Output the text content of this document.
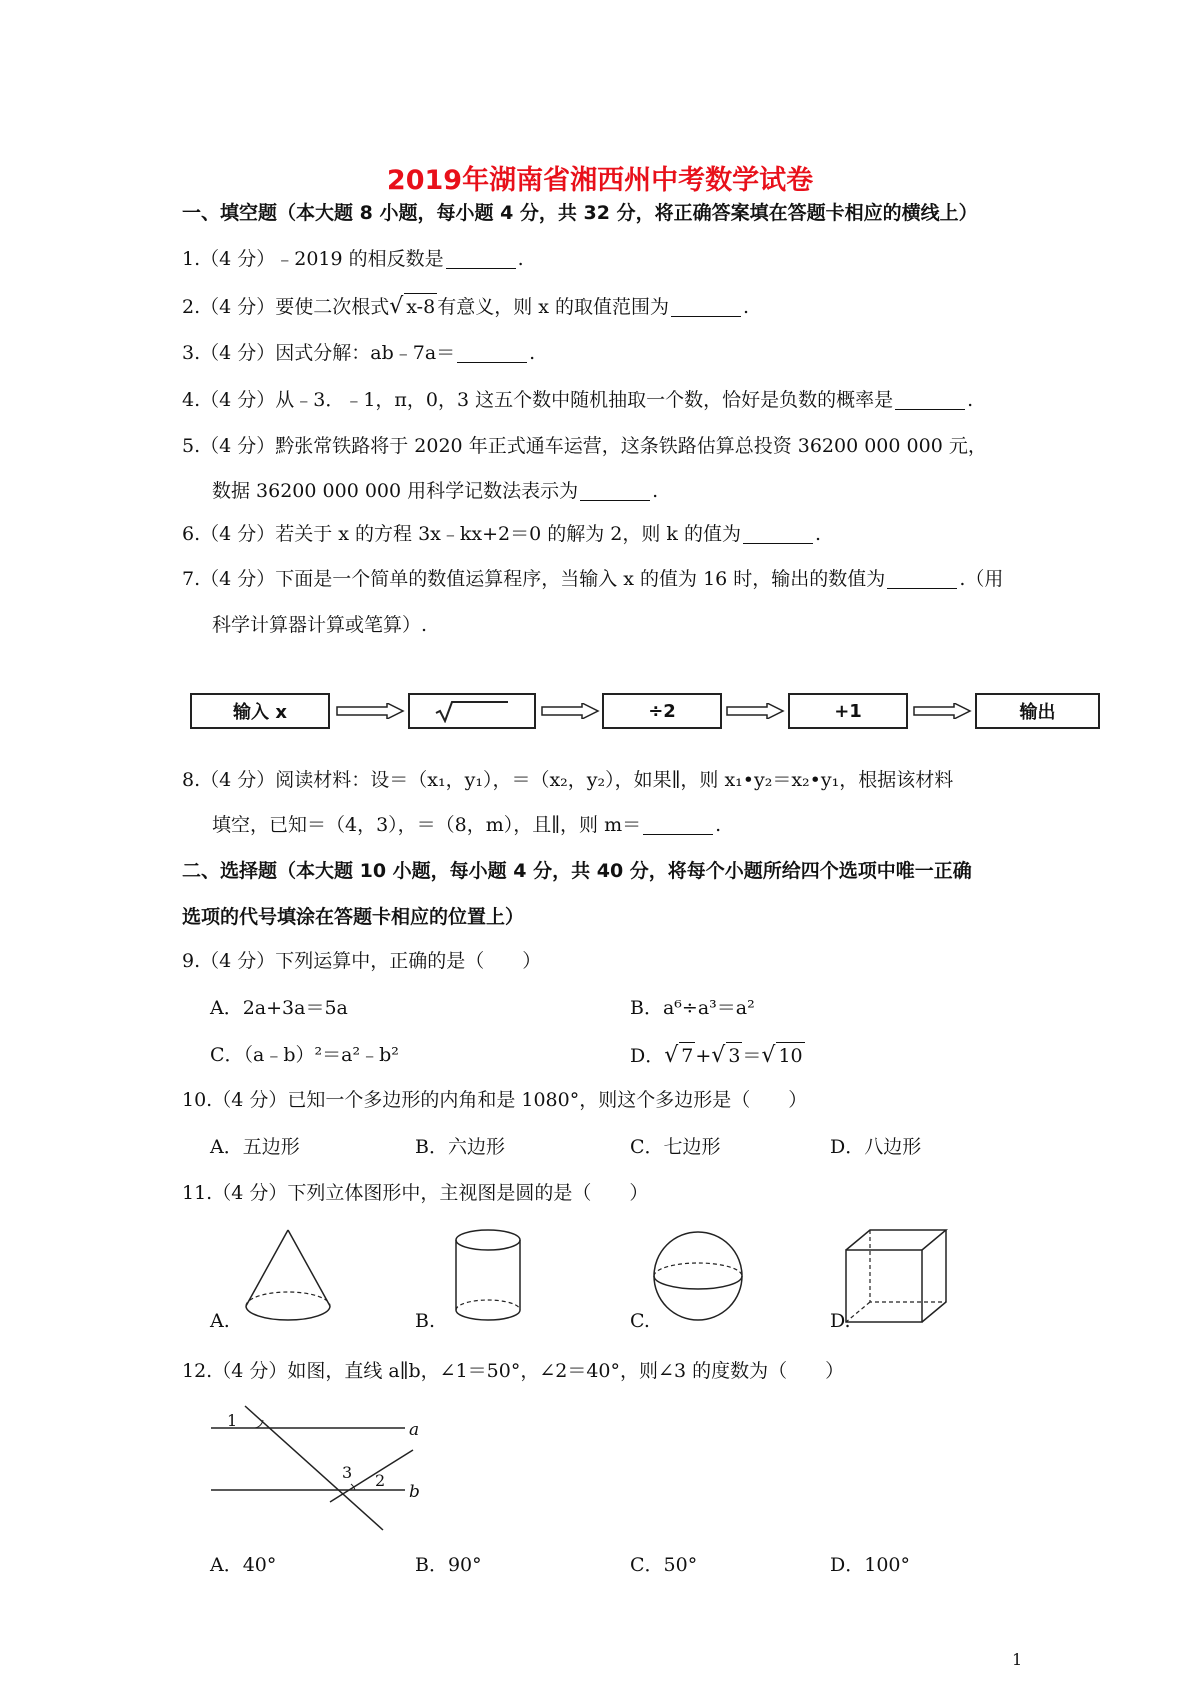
2019年湖南省湘西州中考数学试卷
一、填空题（本大题 8 小题，每小题 4 分，共 32 分，将正确答案填在答题卡相应的横线上）
1.（4 分）﹣2019 的相反数是	.
2.（4 分）要使二次根式√ x-8 有意义，则 x 的取值范围为	.
3.（4 分）因式分解：ab﹣7a＝	.
4.（4 分）从﹣3．﹣1，π，0，3 这五个数中随机抽取一个数，恰好是负数的概率是	.
5.（4 分）黔张常铁路将于 2020 年正式通车运营，这条铁路估算总投资 36200 000 000 元，
数据 36200 000 000 用科学记数法表示为	.
6.（4 分）若关于 x 的方程 3x﹣kx+2＝0 的解为 2，则 k 的值为	.
7.（4 分）下面是一个简单的数值运算程序，当输入 x 的值为 16 时，输出的数值为	.（用
科学计算器计算或笔算）.
输入 x	÷2	+1	输出
8.（4 分）阅读材料：设＝（x₁，y₁），＝（x₂，y₂），如果∥，则 x₁•y₂＝x₂•y₁，根据该材料
填空，已知＝（4，3），＝（8，m），且∥，则 m＝	.
二、选择题（本大题 10 小题，每小题 4 分，共 40 分，将每个小题所给四个选项中唯一正确
选项的代号填涂在答题卡相应的位置上）
9.（4 分）下列运算中，正确的是（　　）
A．2a+3a＝5a	B．a⁶÷a³＝a²
C．（a﹣b）²＝a²﹣b²	D．√ 7 +√ 3 ＝√ 10
10.（4 分）已知一个多边形的内角和是 1080°，则这个多边形是（　　）
A．五边形	B．六边形	C．七边形	D．八边形
11.（4 分）下列立体图形中，主视图是圆的是（　　）
A.	B.	C.	D.
12.（4 分）如图，直线 a∥b，∠1＝50°，∠2＝40°，则∠3 的度数为（　　）
a
b
1
2
3
A．40°	B．90°	C．50°	D．100°
1
